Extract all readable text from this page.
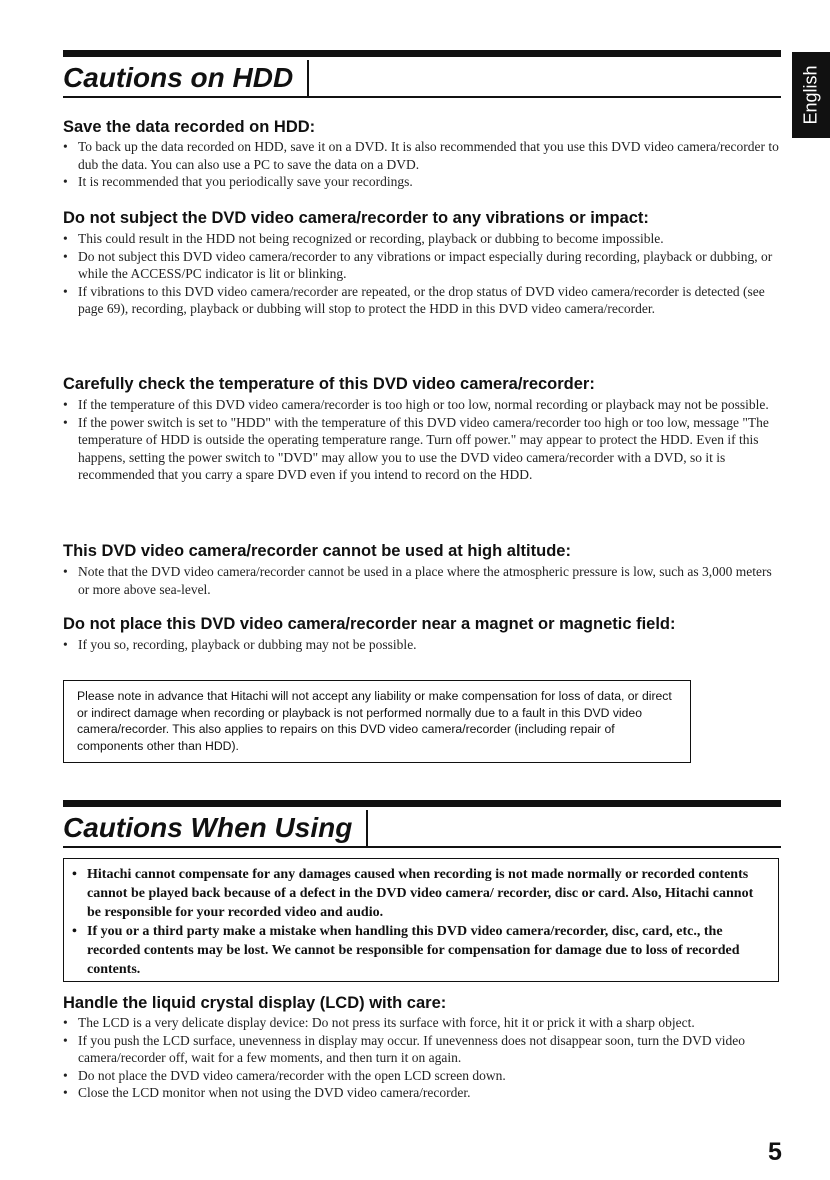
English
Cautions on HDD
Save the data recorded on HDD:
• To back up the data recorded on HDD, save it on a DVD. It is also recommended that you use this DVD video camera/recorder to dub the data. You can also use a PC to save the data on a DVD.
• It is recommended that you periodically save your recordings.
Do not subject the DVD video camera/recorder to any vibrations or impact:
• This could result in the HDD not being recognized or recording, playback or dubbing to become impossible.
• Do not subject this DVD video camera/recorder to any vibrations or impact especially during recording, playback or dubbing, or while the ACCESS/PC indicator is lit or blinking.
• If vibrations to this DVD video camera/recorder are repeated, or the drop status of DVD video camera/recorder is detected (see page 69), recording, playback or dubbing will stop to protect the HDD in this DVD video camera/recorder.
Carefully check the temperature of this DVD video camera/recorder:
• If the temperature of this DVD video camera/recorder is too high or too low, normal recording or playback may not be possible.
• If the power switch is set to "HDD" with the temperature of this DVD video camera/recorder too high or too low, message "The temperature of HDD is outside the operating temperature range. Turn off power." may appear to protect the HDD. Even if this happens, setting the power switch to "DVD" may allow you to use the DVD video camera/recorder with a DVD, so it is recommended that you carry a spare DVD even if you intend to record on the HDD.
This DVD video camera/recorder cannot be used at high altitude:
• Note that the DVD video camera/recorder cannot be used in a place where the atmospheric pressure is low, such as 3,000 meters or more above sea-level.
Do not place this DVD video camera/recorder near a magnet or magnetic field:
• If you so, recording, playback or dubbing may not be possible.
Please note in advance that Hitachi will not accept any liability or make compensation for loss of data, or direct or indirect damage when recording or playback is not performed normally due to a fault in this DVD video camera/recorder. This also applies to repairs on this DVD video camera/recorder (including repair of components other than HDD).
Cautions When Using
• Hitachi cannot compensate for any damages caused when recording is not made normally or recorded contents cannot be played back because of a defect in the DVD video camera/ recorder, disc or card. Also, Hitachi cannot be responsible for your recorded video and audio.
• If you or a third party make a mistake when handling this DVD video camera/recorder, disc, card, etc., the recorded contents may be lost. We cannot be responsible for compensation for damage due to loss of recorded contents.
Handle the liquid crystal display (LCD) with care:
• The LCD is a very delicate display device: Do not press its surface with force, hit it or prick it with a sharp object.
• If you push the LCD surface, unevenness in display may occur. If unevenness does not disappear soon, turn the DVD video camera/recorder off, wait for a few moments, and then turn it on again.
• Do not place the DVD video camera/recorder with the open LCD screen down.
• Close the LCD monitor when not using the DVD video camera/recorder.
5
